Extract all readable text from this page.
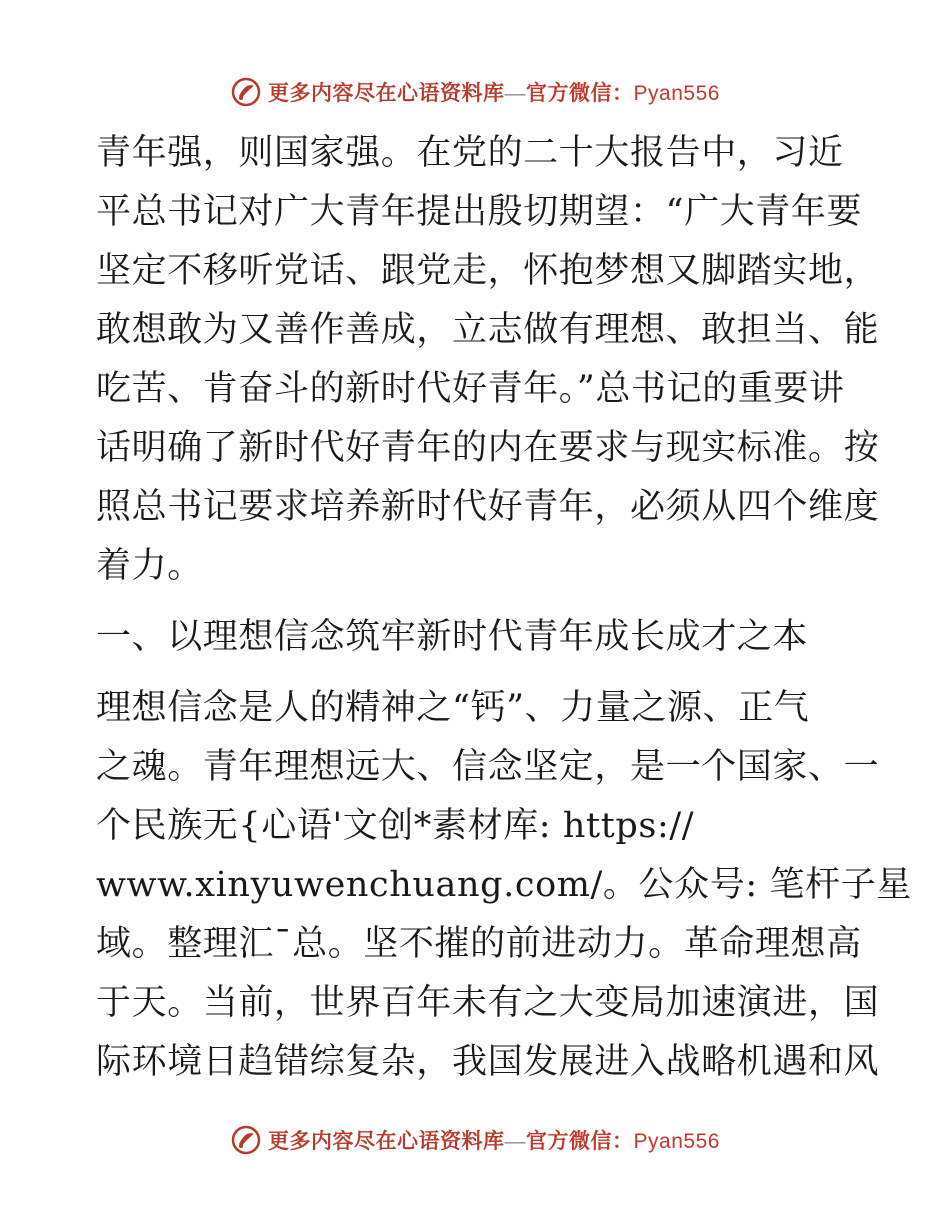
更多内容尽在心语资料库—官方微信：Pyan556
青年强，则国家强。在党的二十大报告中，习近
平总书记对广大青年提出殷切期望：“广大青年要
坚定不移听党话、跟党走，怀抱梦想又脚踏实地，
敢想敢为又善作善成，立志做有理想、敢担当、能
吃苦、肯奋斗的新时代好青年。”总书记的重要讲
话明确了新时代好青年的内在要求与现实标准。按
照总书记要求培养新时代好青年，必须从四个维度
着力。
一、以理想信念筑牢新时代青年成长成才之本
理想信念是人的精神之“钙”、力量之源、正气
之魂。青年理想远大、信念坚定，是一个国家、一
个民族无{心语'文创*素材库: https://
www.xinyuwenchuang.com/。公众号: 笔杆子星
域。整理汇¯总。坚不摧的前进动力。革命理想高
于天。当前，世界百年未有之大变局加速演进，国
际环境日趋错综复杂，我国发展进入战略机遇和风
更多内容尽在心语资料库—官方微信：Pyan556
